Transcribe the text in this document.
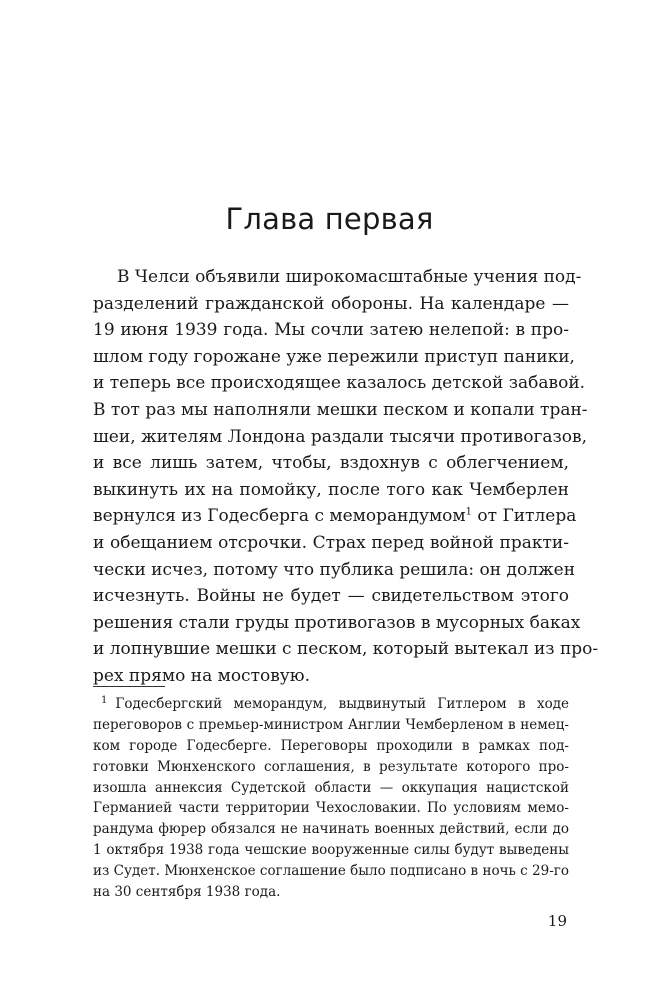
Глава первая
В Челси объявили широкомасштабные учения под-
разделений гражданской обороны. На календаре —
19 июня 1939 года. Мы сочли затею нелепой: в про-
шлом году горожане уже пережили приступ паники,
и теперь все происходящее казалось детской забавой.
В тот раз мы наполняли мешки песком и копали тран-
шеи, жителям Лондона раздали тысячи противогазов,
и все лишь затем, чтобы, вздохнув с облегчением,
выкинуть их на помойку, после того как Чемберлен
вернулся из Годесберга с меморандумом$^1$ от Гитлера
и обещанием отсрочки. Страх перед войной практи-
чески исчез, потому что публика решила: он должен
исчезнуть. Войны не будет — свидетельством этого
решения стали груды противогазов в мусорных баках
и лопнувшие мешки с песком, который вытекал из про-
рех прямо на мостовую.
$^1$ Годесбергский меморандум, выдвинутый Гитлером в ходе
переговоров с премьер-министром Англии Чемберленом в немец-
ком городе Годесберге. Переговоры проходили в рамках под-
готовки Мюнхенского соглашения, в результате которого про-
изошла аннексия Судетской области — оккупация нацистской
Германией части территории Чехословакии. По условиям мемо-
рандума фюрер обязался не начинать военных действий, если до
1 октября 1938 года чешские вооруженные силы будут выведены
из Судет. Мюнхенское соглашение было подписано в ночь с 29-го
на 30 сентября 1938 года.
19
